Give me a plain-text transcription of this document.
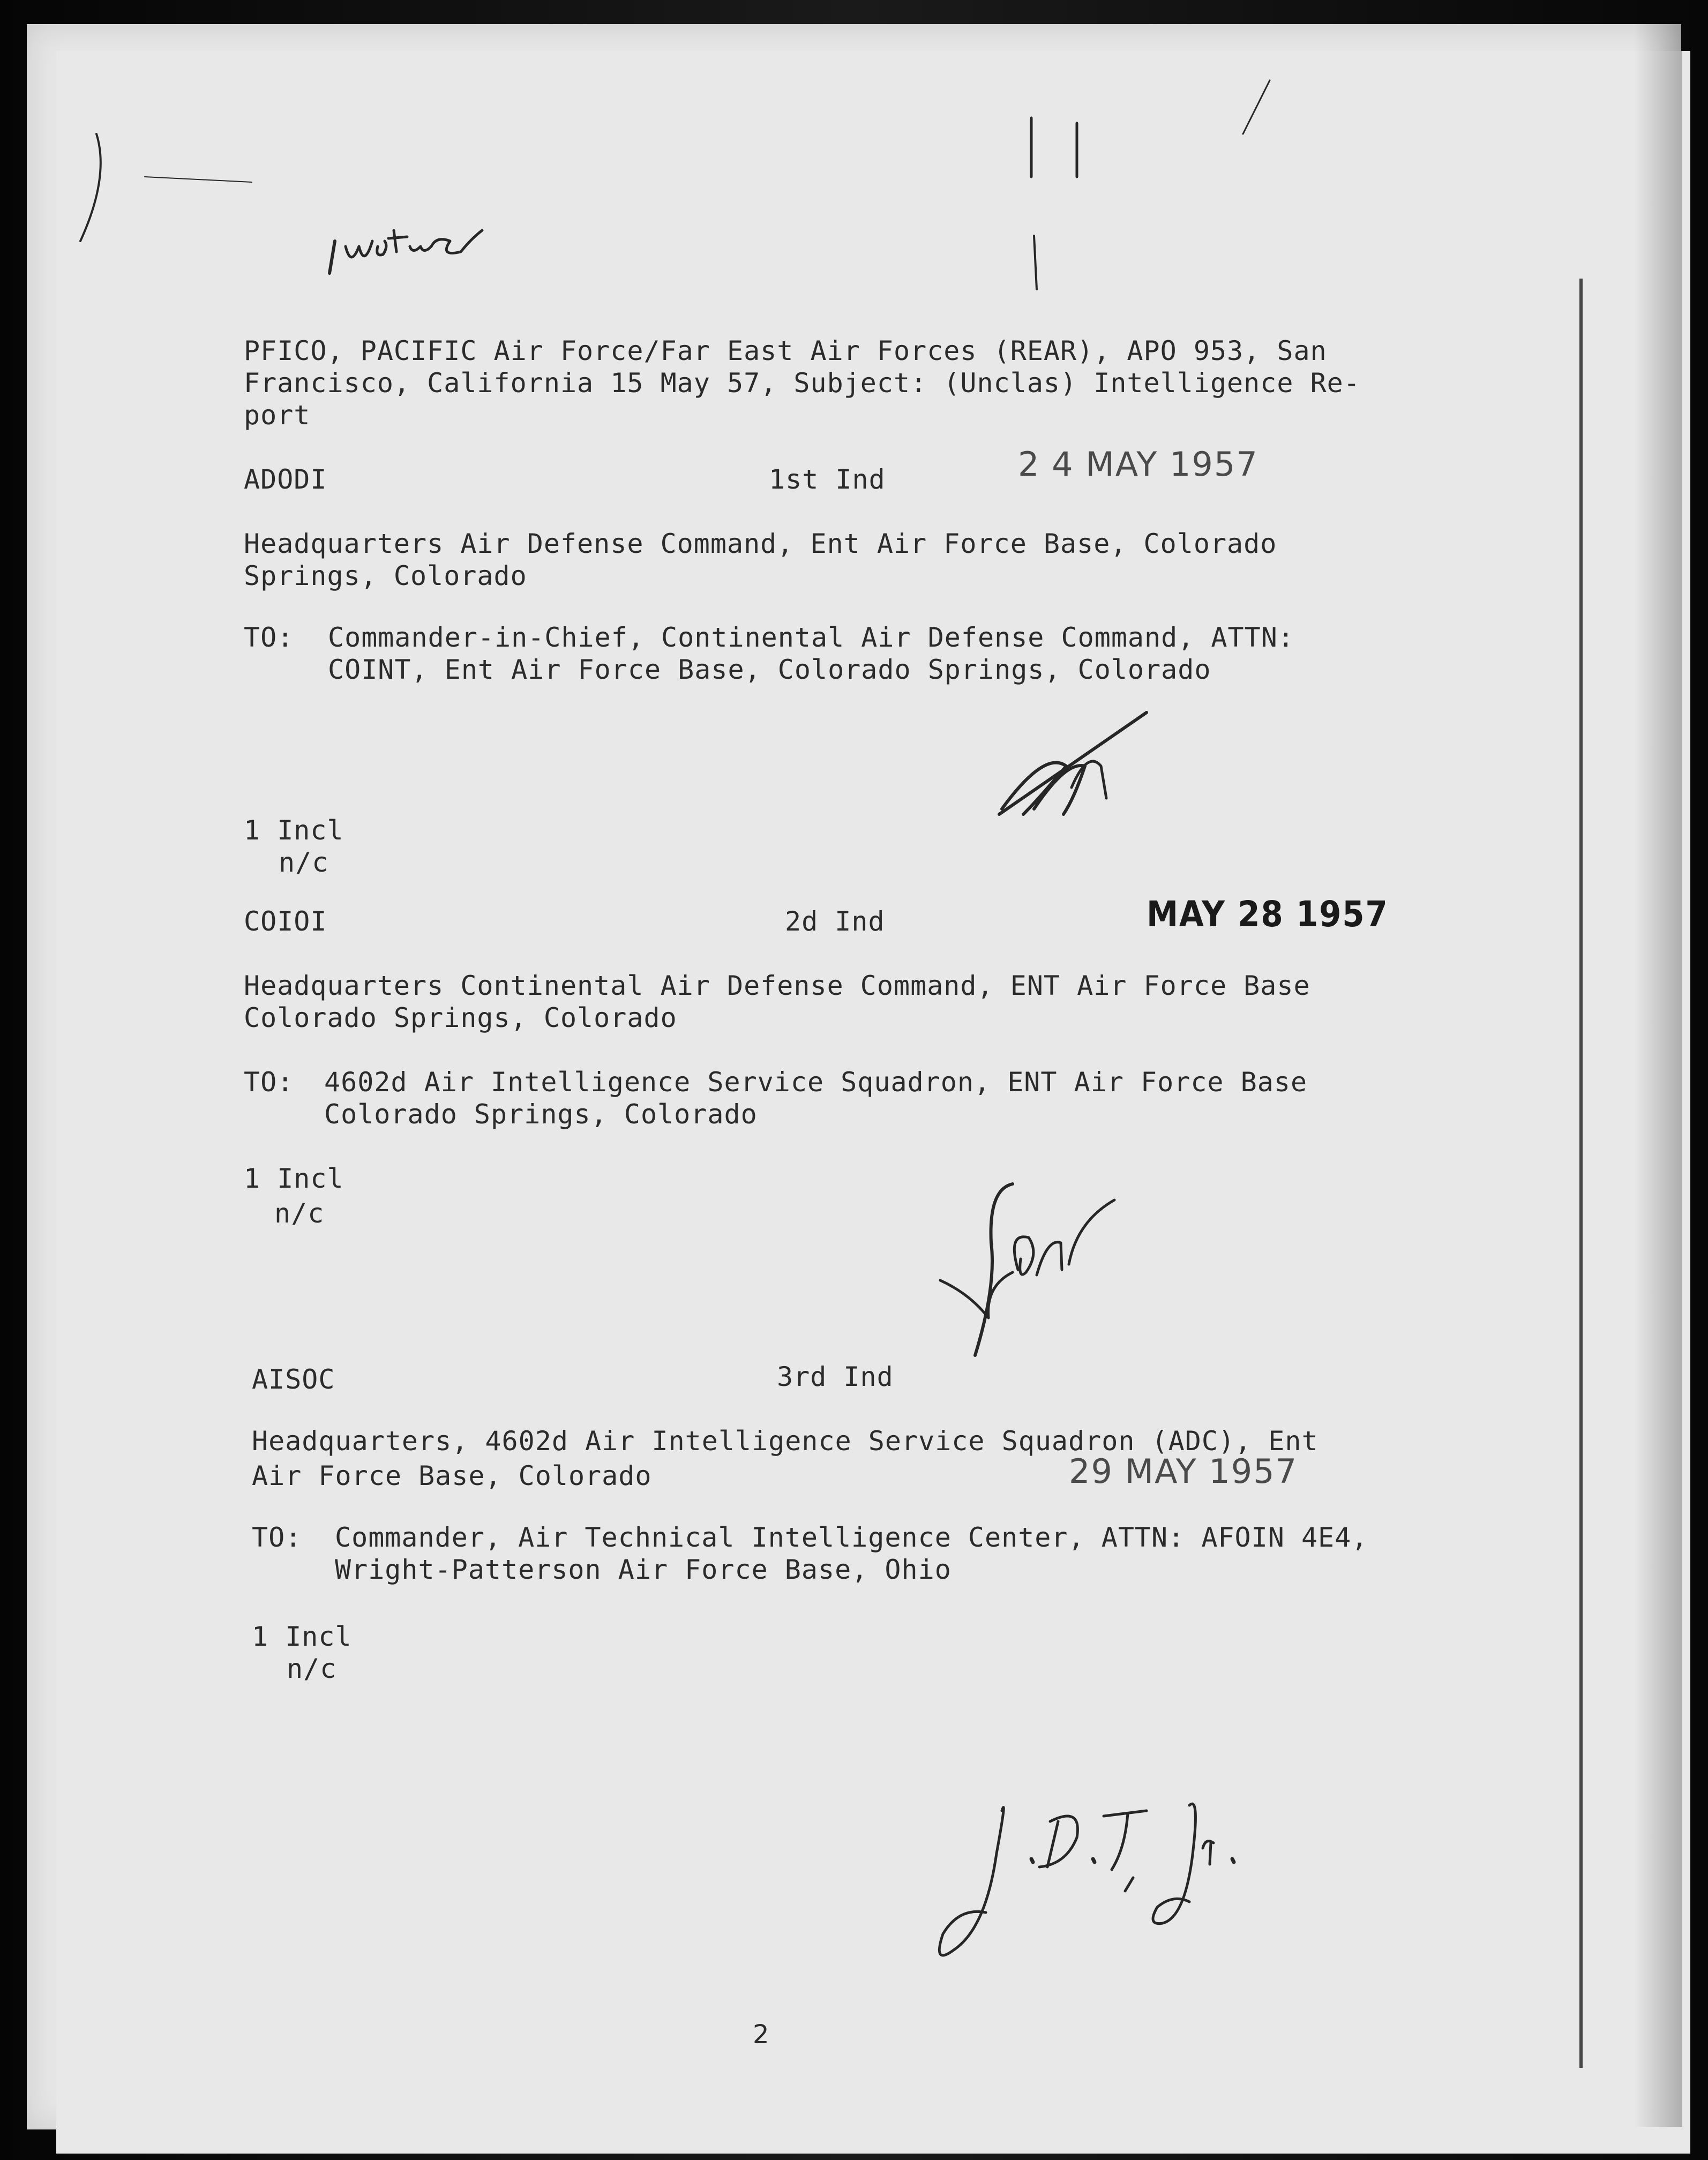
PFICO, PACIFIC Air Force/Far East Air Forces (REAR), APO 953, San

Francisco, California 15 May 57, Subject: (Unclas) Intelligence Re-

port

ADODI	1st Ind	2 4 MAY 1957

Headquarters Air Defense Command, Ent Air Force Base, Colorado

Springs, Colorado

TO: Commander-in-Chief, Continental Air Defense Command, ATTN:

COINT, Ent Air Force Base, Colorado Springs, Colorado

1 Incl

n/c

COIOI	2d Ind	MAY 28 1957

Headquarters Continental Air Defense Command, ENT Air Force Base

Colorado Springs, Colorado

TO: 4602d Air Intelligence Service Squadron, ENT Air Force Base

Colorado Springs, Colorado

1 Incl

n/c

AISOC	3rd Ind

29 MAY 1957

Headquarters, 4602d Air Intelligence Service Squadron (ADC), Ent

Air Force Base, Colorado

TO: Commander, Air Technical Intelligence Center, ATTN: AFOIN 4E4,

Wright-Patterson Air Force Base, Ohio

1 Incl

n/c

2
